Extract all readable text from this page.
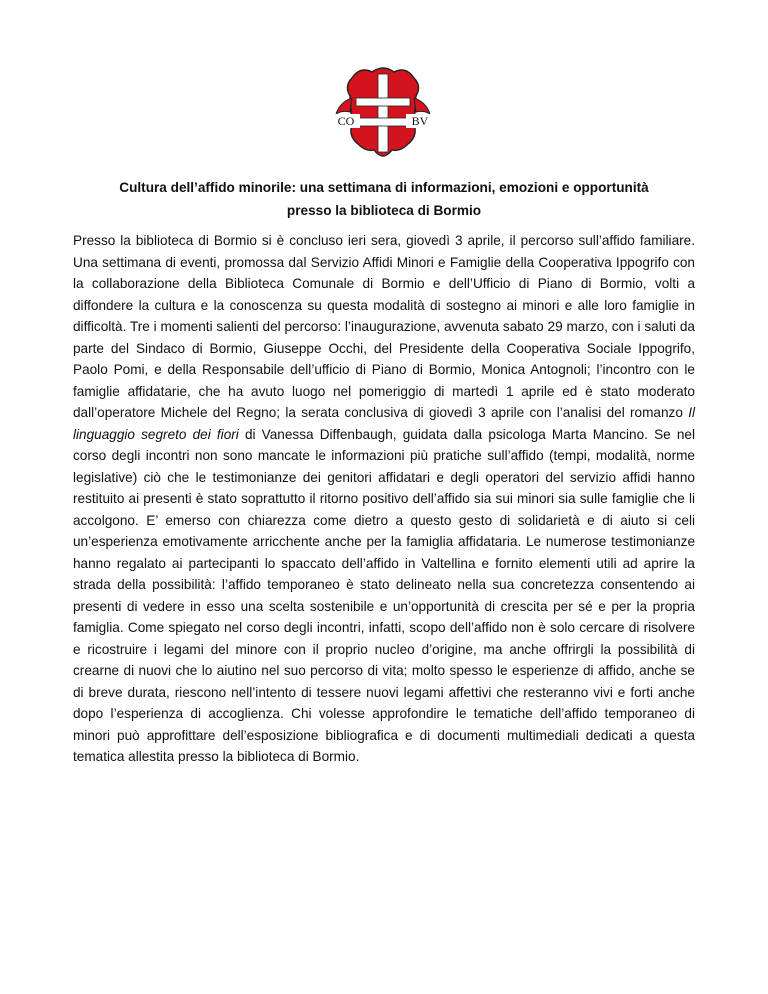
CO	BV
Cultura dell’affido minorile: una settimana di informazioni, emozioni e opportunità presso la biblioteca di Bormio

Presso la biblioteca di Bormio si è concluso ieri sera, giovedì 3 aprile, il percorso sull’affido familiare. Una settimana di eventi, promossa dal Servizio Affidi Minori e Famiglie della Cooperativa Ippogrifo con la collaborazione della Biblioteca Comunale di Bormio e dell’Ufficio di Piano di Bormio, volti a diffondere la cultura e la conoscenza su questa modalità di sostegno ai minori e alle loro famiglie in difficoltà. Tre i momenti salienti del percorso: l’inaugurazione, avvenuta sabato 29 marzo, con i saluti da parte del Sindaco di Bormio, Giuseppe Occhi, del Presidente della Cooperativa Sociale Ippogrifo, Paolo Pomi, e della Responsabile dell’ufficio di Piano di Bormio, Monica Antognoli; l’incontro con le famiglie affidatarie, che ha avuto luogo nel pomeriggio di martedì 1 aprile ed è stato moderato dall’operatore Michele del Regno; la serata conclusiva di giovedì 3 aprile con l’analisi del romanzo Il linguaggio segreto dei fiori di Vanessa Diffenbaugh, guidata dalla psicologa Marta Mancino. Se nel corso degli incontri non sono mancate le informazioni più pratiche sull’affido (tempi, modalità, norme legislative) ciò che le testimonianze dei genitori affidatari e degli operatori del servizio affidi hanno restituito ai presenti è stato soprattutto il ritorno positivo dell’affido sia sui minori sia sulle famiglie che li accolgono. E’ emerso con chiarezza come dietro a questo gesto di solidarietà e di aiuto si celi un’esperienza emotivamente arricchente anche per la famiglia affidataria. Le numerose testimonianze hanno regalato ai partecipanti lo spaccato dell’affido in Valtellina e fornito elementi utili ad aprire la strada della possibilità: l’affido temporaneo è stato delineato nella sua concretezza consentendo ai presenti di vedere in esso una scelta sostenibile e un’opportunità di crescita per sé e per la propria famiglia. Come spiegato nel corso degli incontri, infatti, scopo dell’affido non è solo cercare di risolvere e ricostruire i legami del minore con il proprio nucleo d’origine, ma anche offrirgli la possibilità di crearne di nuovi che lo aiutino nel suo percorso di vita; molto spesso le esperienze di affido, anche se di breve durata, riescono nell’intento di tessere nuovi legami affettivi che resteranno vivi e forti anche dopo l’esperienza di accoglienza. Chi volesse approfondire le tematiche dell’affido temporaneo di minori può approfittare dell’esposizione bibliografica e di documenti multimediali dedicati a questa tematica allestita presso la biblioteca di Bormio.
